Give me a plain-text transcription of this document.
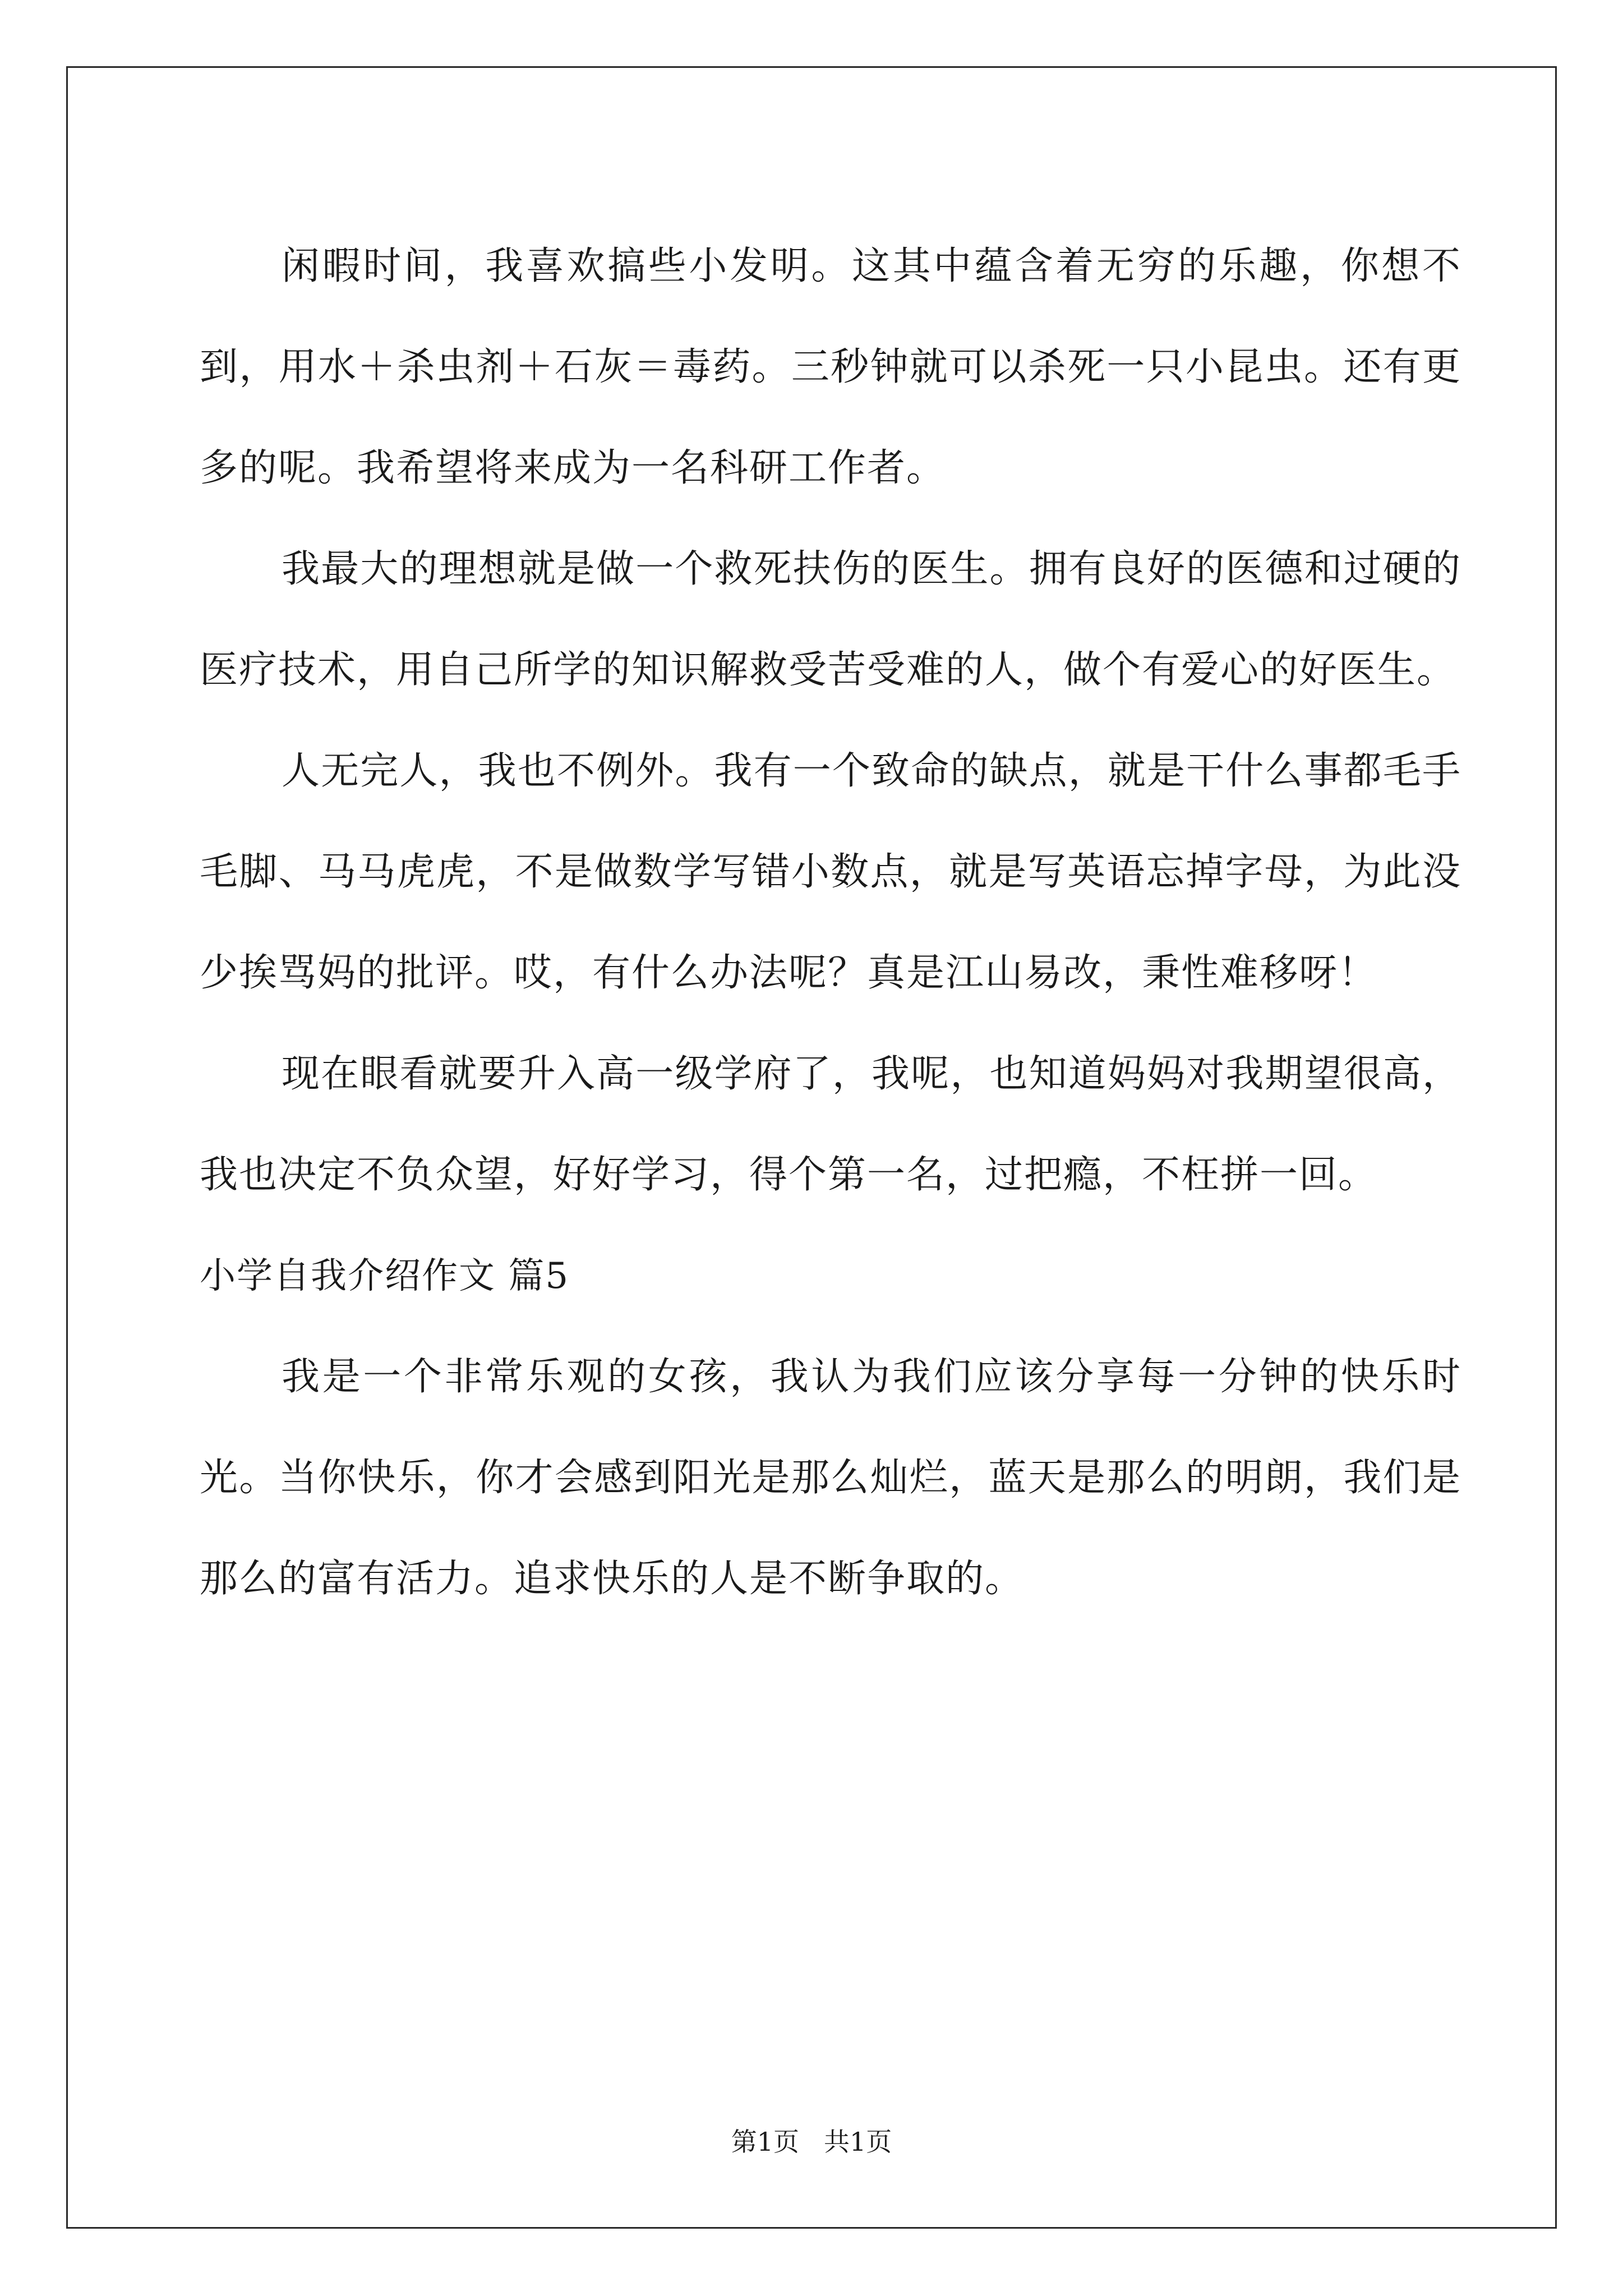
闲暇时间，我喜欢搞些小发明。这其中蕴含着无穷的乐趣，你想不到，用水＋杀虫剂＋石灰＝毒药。三秒钟就可以杀死一只小昆虫。还有更多的呢。我希望将来成为一名科研工作者。

我最大的理想就是做一个救死扶伤的医生。拥有良好的医德和过硬的医疗技术，用自己所学的知识解救受苦受难的人，做个有爱心的好医生。

人无完人，我也不例外。我有一个致命的缺点，就是干什么事都毛手毛脚、马马虎虎，不是做数学写错小数点，就是写英语忘掉字母，为此没少挨骂妈的批评。哎，有什么办法呢？真是江山易改，秉性难移呀！

现在眼看就要升入高一级学府了，我呢，也知道妈妈对我期望很高，我也决定不负众望，好好学习，得个第一名，过把瘾，不枉拼一回。

小学自我介绍作文 篇5

我是一个非常乐观的女孩，我认为我们应该分享每一分钟的快乐时光。当你快乐，你才会感到阳光是那么灿烂，蓝天是那么的明朗，我们是那么的富有活力。追求快乐的人是不断争取的。

第1页 共1页
